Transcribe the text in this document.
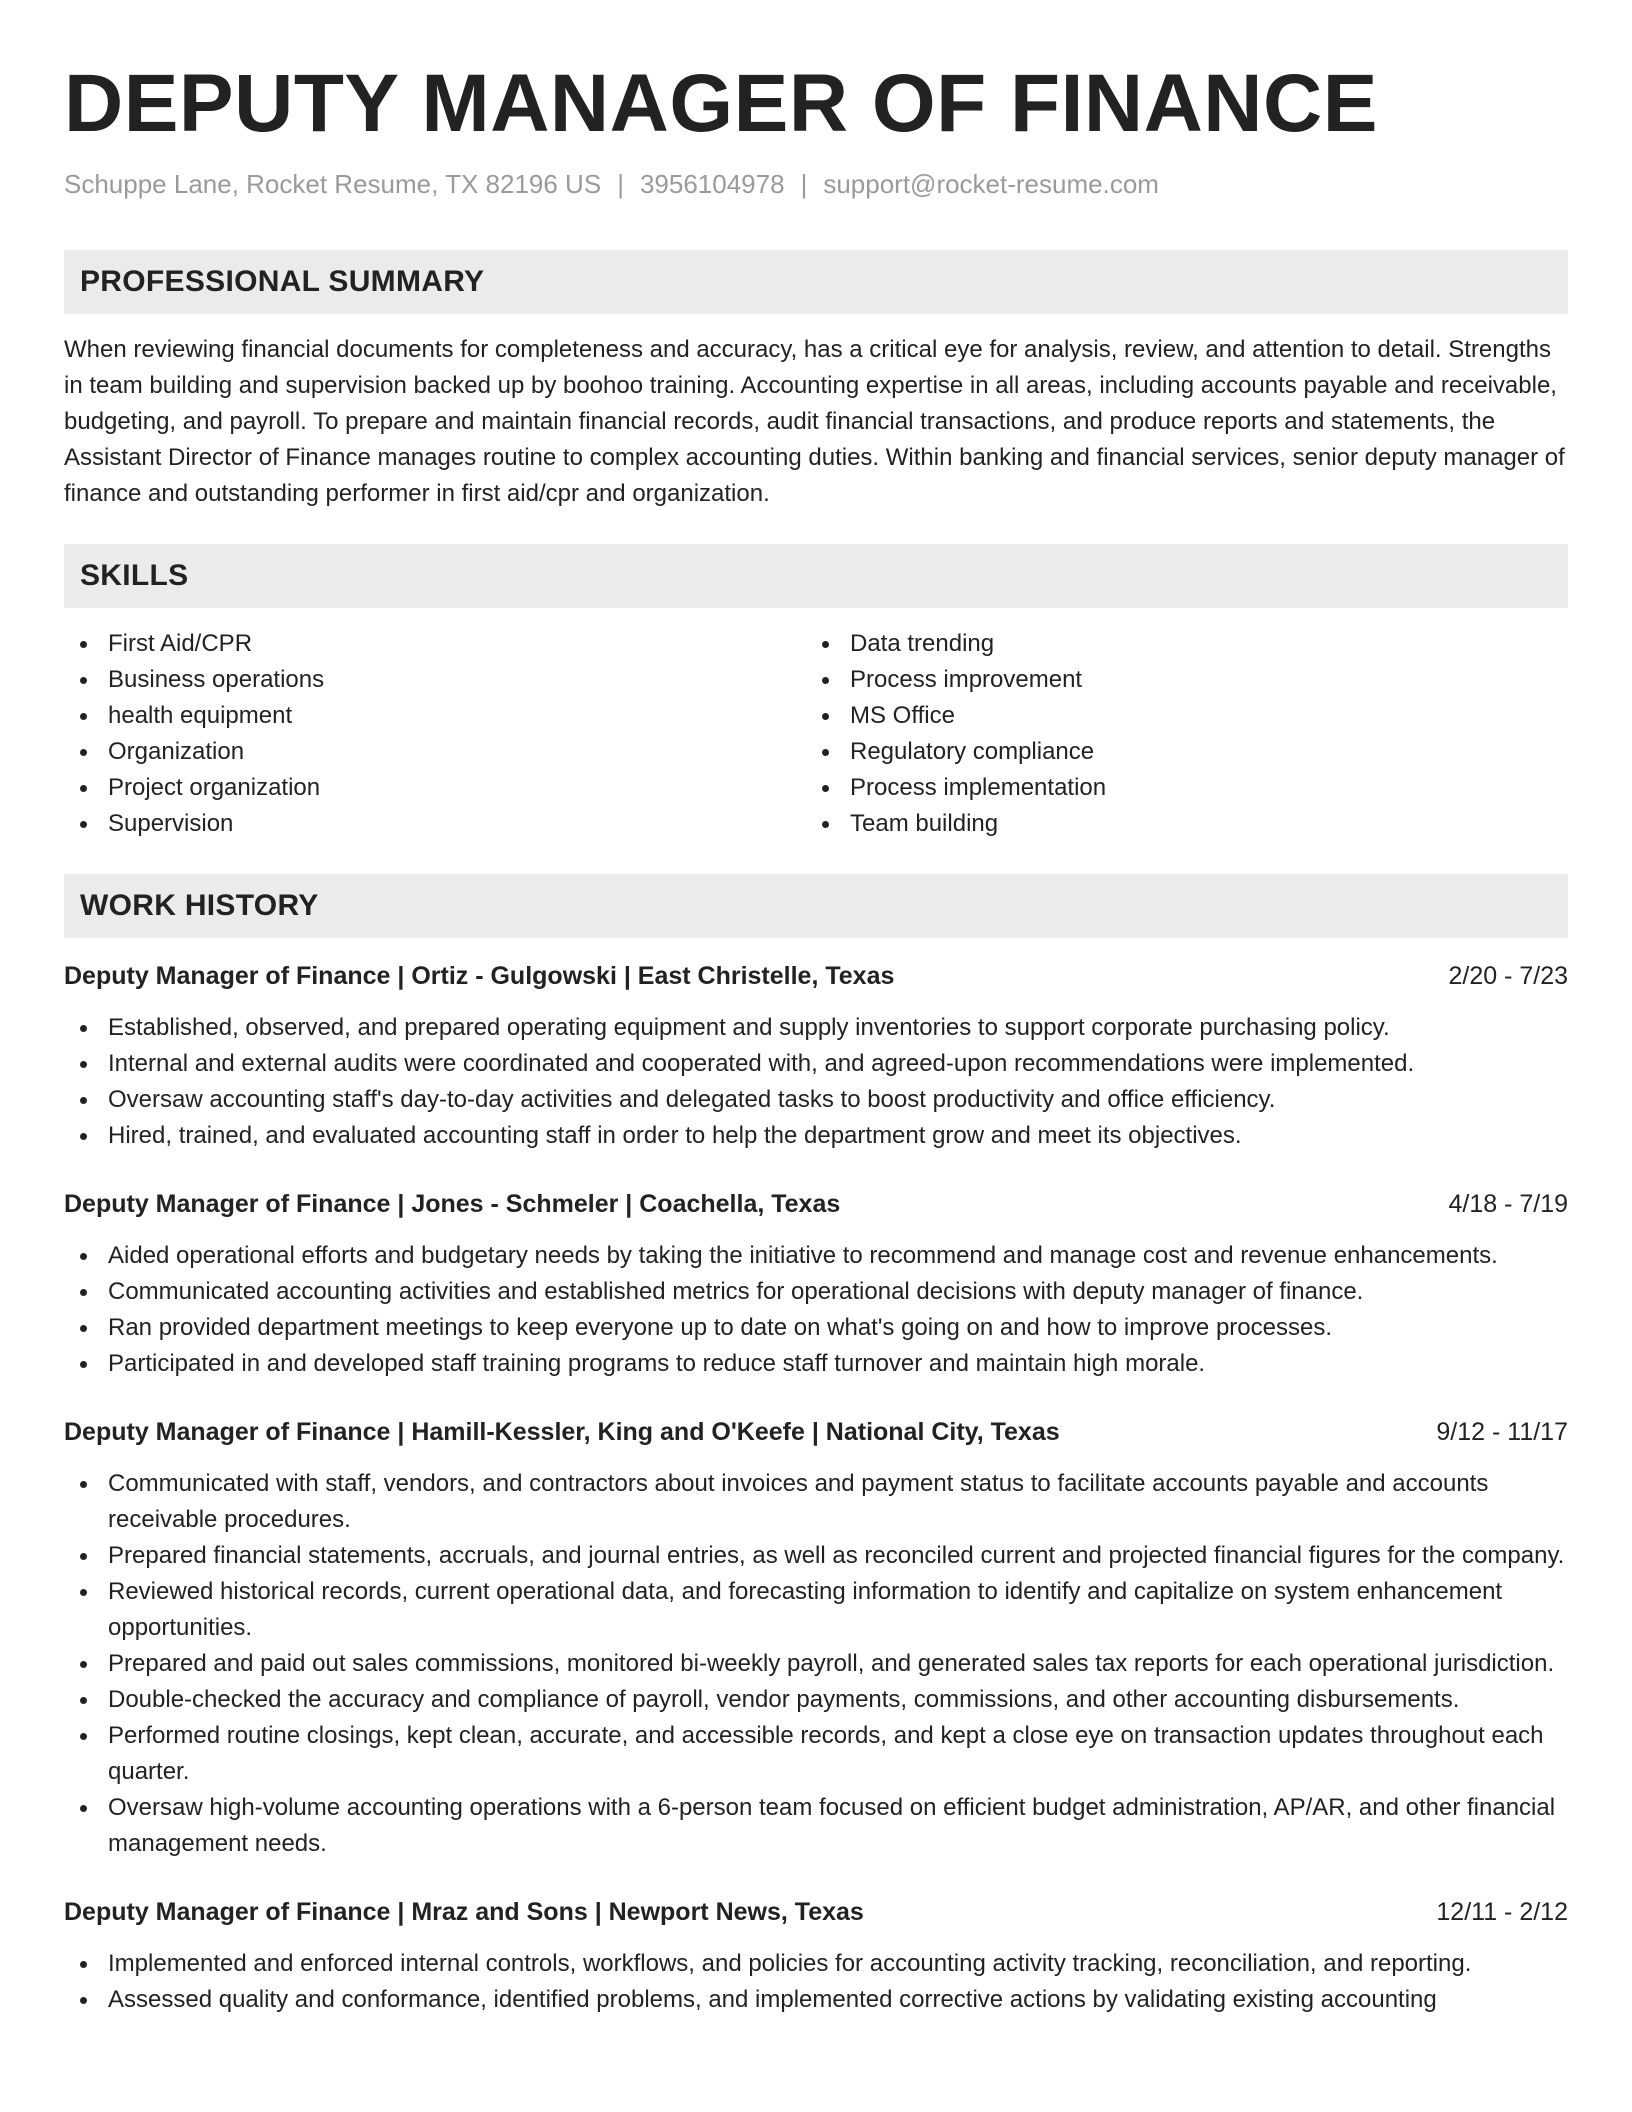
DEPUTY MANAGER OF FINANCE
Schuppe Lane, Rocket Resume, TX 82196 US | 3956104978 | support@rocket-resume.com
PROFESSIONAL SUMMARY
When reviewing financial documents for completeness and accuracy, has a critical eye for analysis, review, and attention to detail. Strengths in team building and supervision backed up by boohoo training. Accounting expertise in all areas, including accounts payable and receivable, budgeting, and payroll. To prepare and maintain financial records, audit financial transactions, and produce reports and statements, the Assistant Director of Finance manages routine to complex accounting duties. Within banking and financial services, senior deputy manager of finance and outstanding performer in first aid/cpr and organization.
SKILLS
First Aid/CPR
Business operations
health equipment
Organization
Project organization
Supervision
Data trending
Process improvement
MS Office
Regulatory compliance
Process implementation
Team building
WORK HISTORY
Deputy Manager of Finance | Ortiz - Gulgowski | East Christelle, Texas	2/20 - 7/23
Established, observed, and prepared operating equipment and supply inventories to support corporate purchasing policy.
Internal and external audits were coordinated and cooperated with, and agreed-upon recommendations were implemented.
Oversaw accounting staff's day-to-day activities and delegated tasks to boost productivity and office efficiency.
Hired, trained, and evaluated accounting staff in order to help the department grow and meet its objectives.
Deputy Manager of Finance | Jones - Schmeler | Coachella, Texas	4/18 - 7/19
Aided operational efforts and budgetary needs by taking the initiative to recommend and manage cost and revenue enhancements.
Communicated accounting activities and established metrics for operational decisions with deputy manager of finance.
Ran provided department meetings to keep everyone up to date on what's going on and how to improve processes.
Participated in and developed staff training programs to reduce staff turnover and maintain high morale.
Deputy Manager of Finance | Hamill-Kessler, King and O'Keefe | National City, Texas	9/12 - 11/17
Communicated with staff, vendors, and contractors about invoices and payment status to facilitate accounts payable and accounts receivable procedures.
Prepared financial statements, accruals, and journal entries, as well as reconciled current and projected financial figures for the company.
Reviewed historical records, current operational data, and forecasting information to identify and capitalize on system enhancement opportunities.
Prepared and paid out sales commissions, monitored bi-weekly payroll, and generated sales tax reports for each operational jurisdiction.
Double-checked the accuracy and compliance of payroll, vendor payments, commissions, and other accounting disbursements.
Performed routine closings, kept clean, accurate, and accessible records, and kept a close eye on transaction updates throughout each quarter.
Oversaw high-volume accounting operations with a 6-person team focused on efficient budget administration, AP/AR, and other financial management needs.
Deputy Manager of Finance | Mraz and Sons | Newport News, Texas	12/11 - 2/12
Implemented and enforced internal controls, workflows, and policies for accounting activity tracking, reconciliation, and reporting.
Assessed quality and conformance, identified problems, and implemented corrective actions by validating existing accounting
